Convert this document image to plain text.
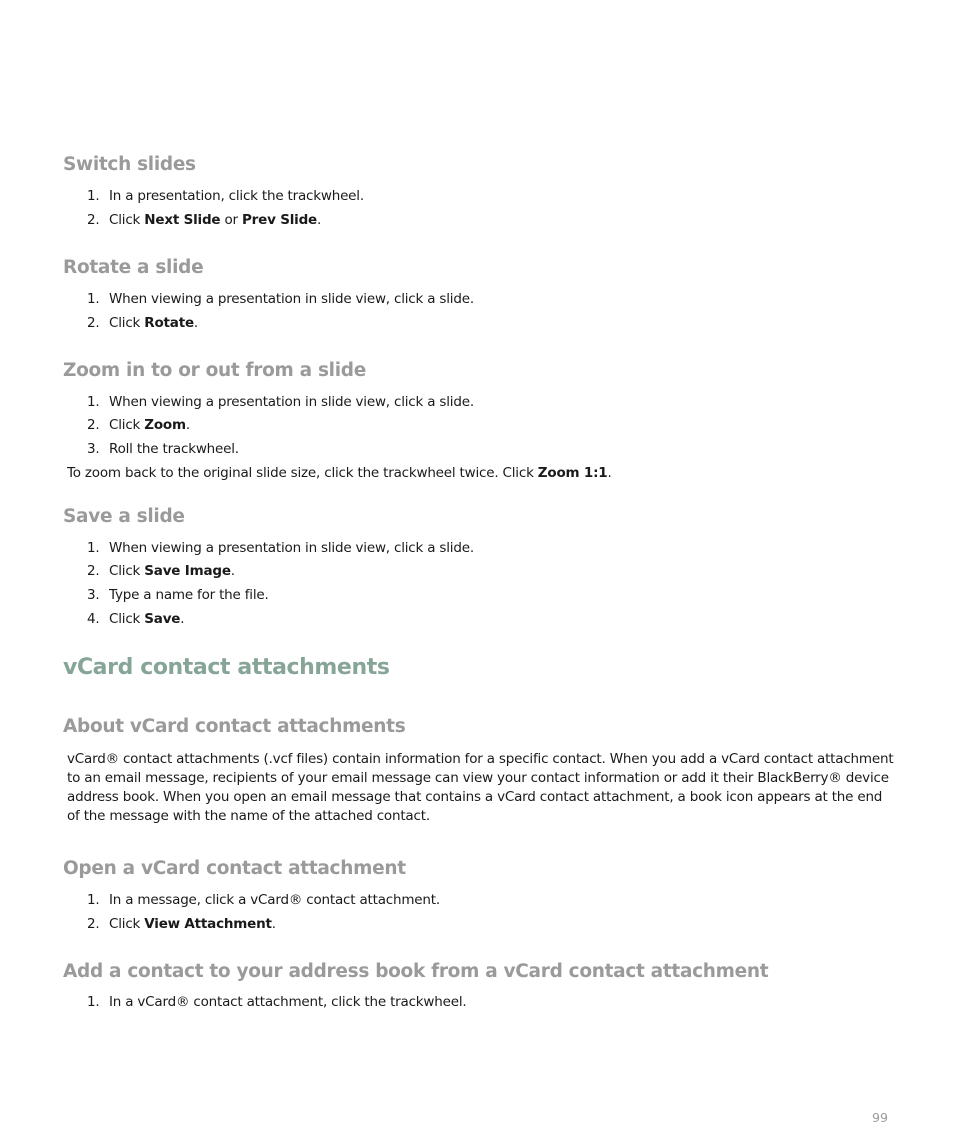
Switch slides
1. In a presentation, click the trackwheel.
2. Click Next Slide or Prev Slide.
Rotate a slide
1. When viewing a presentation in slide view, click a slide.
2. Click Rotate.
Zoom in to or out from a slide
1. When viewing a presentation in slide view, click a slide.
2. Click Zoom.
3. Roll the trackwheel.
To zoom back to the original slide size, click the trackwheel twice. Click Zoom 1:1.
Save a slide
1. When viewing a presentation in slide view, click a slide.
2. Click Save Image.
3. Type a name for the file.
4. Click Save.
vCard contact attachments
About vCard contact attachments

vCard® contact attachments (.vcf files) contain information for a specific contact. When you add a vCard contact attachment to an email message, recipients of your email message can view your contact information or add it their BlackBerry® device address book. When you open an email message that contains a vCard contact attachment, a book icon appears at the end of the message with the name of the attached contact.

Open a vCard contact attachment
1. In a message, click a vCard® contact attachment.
2. Click View Attachment.
Add a contact to your address book from a vCard contact attachment
1. In a vCard® contact attachment, click the trackwheel.
99
